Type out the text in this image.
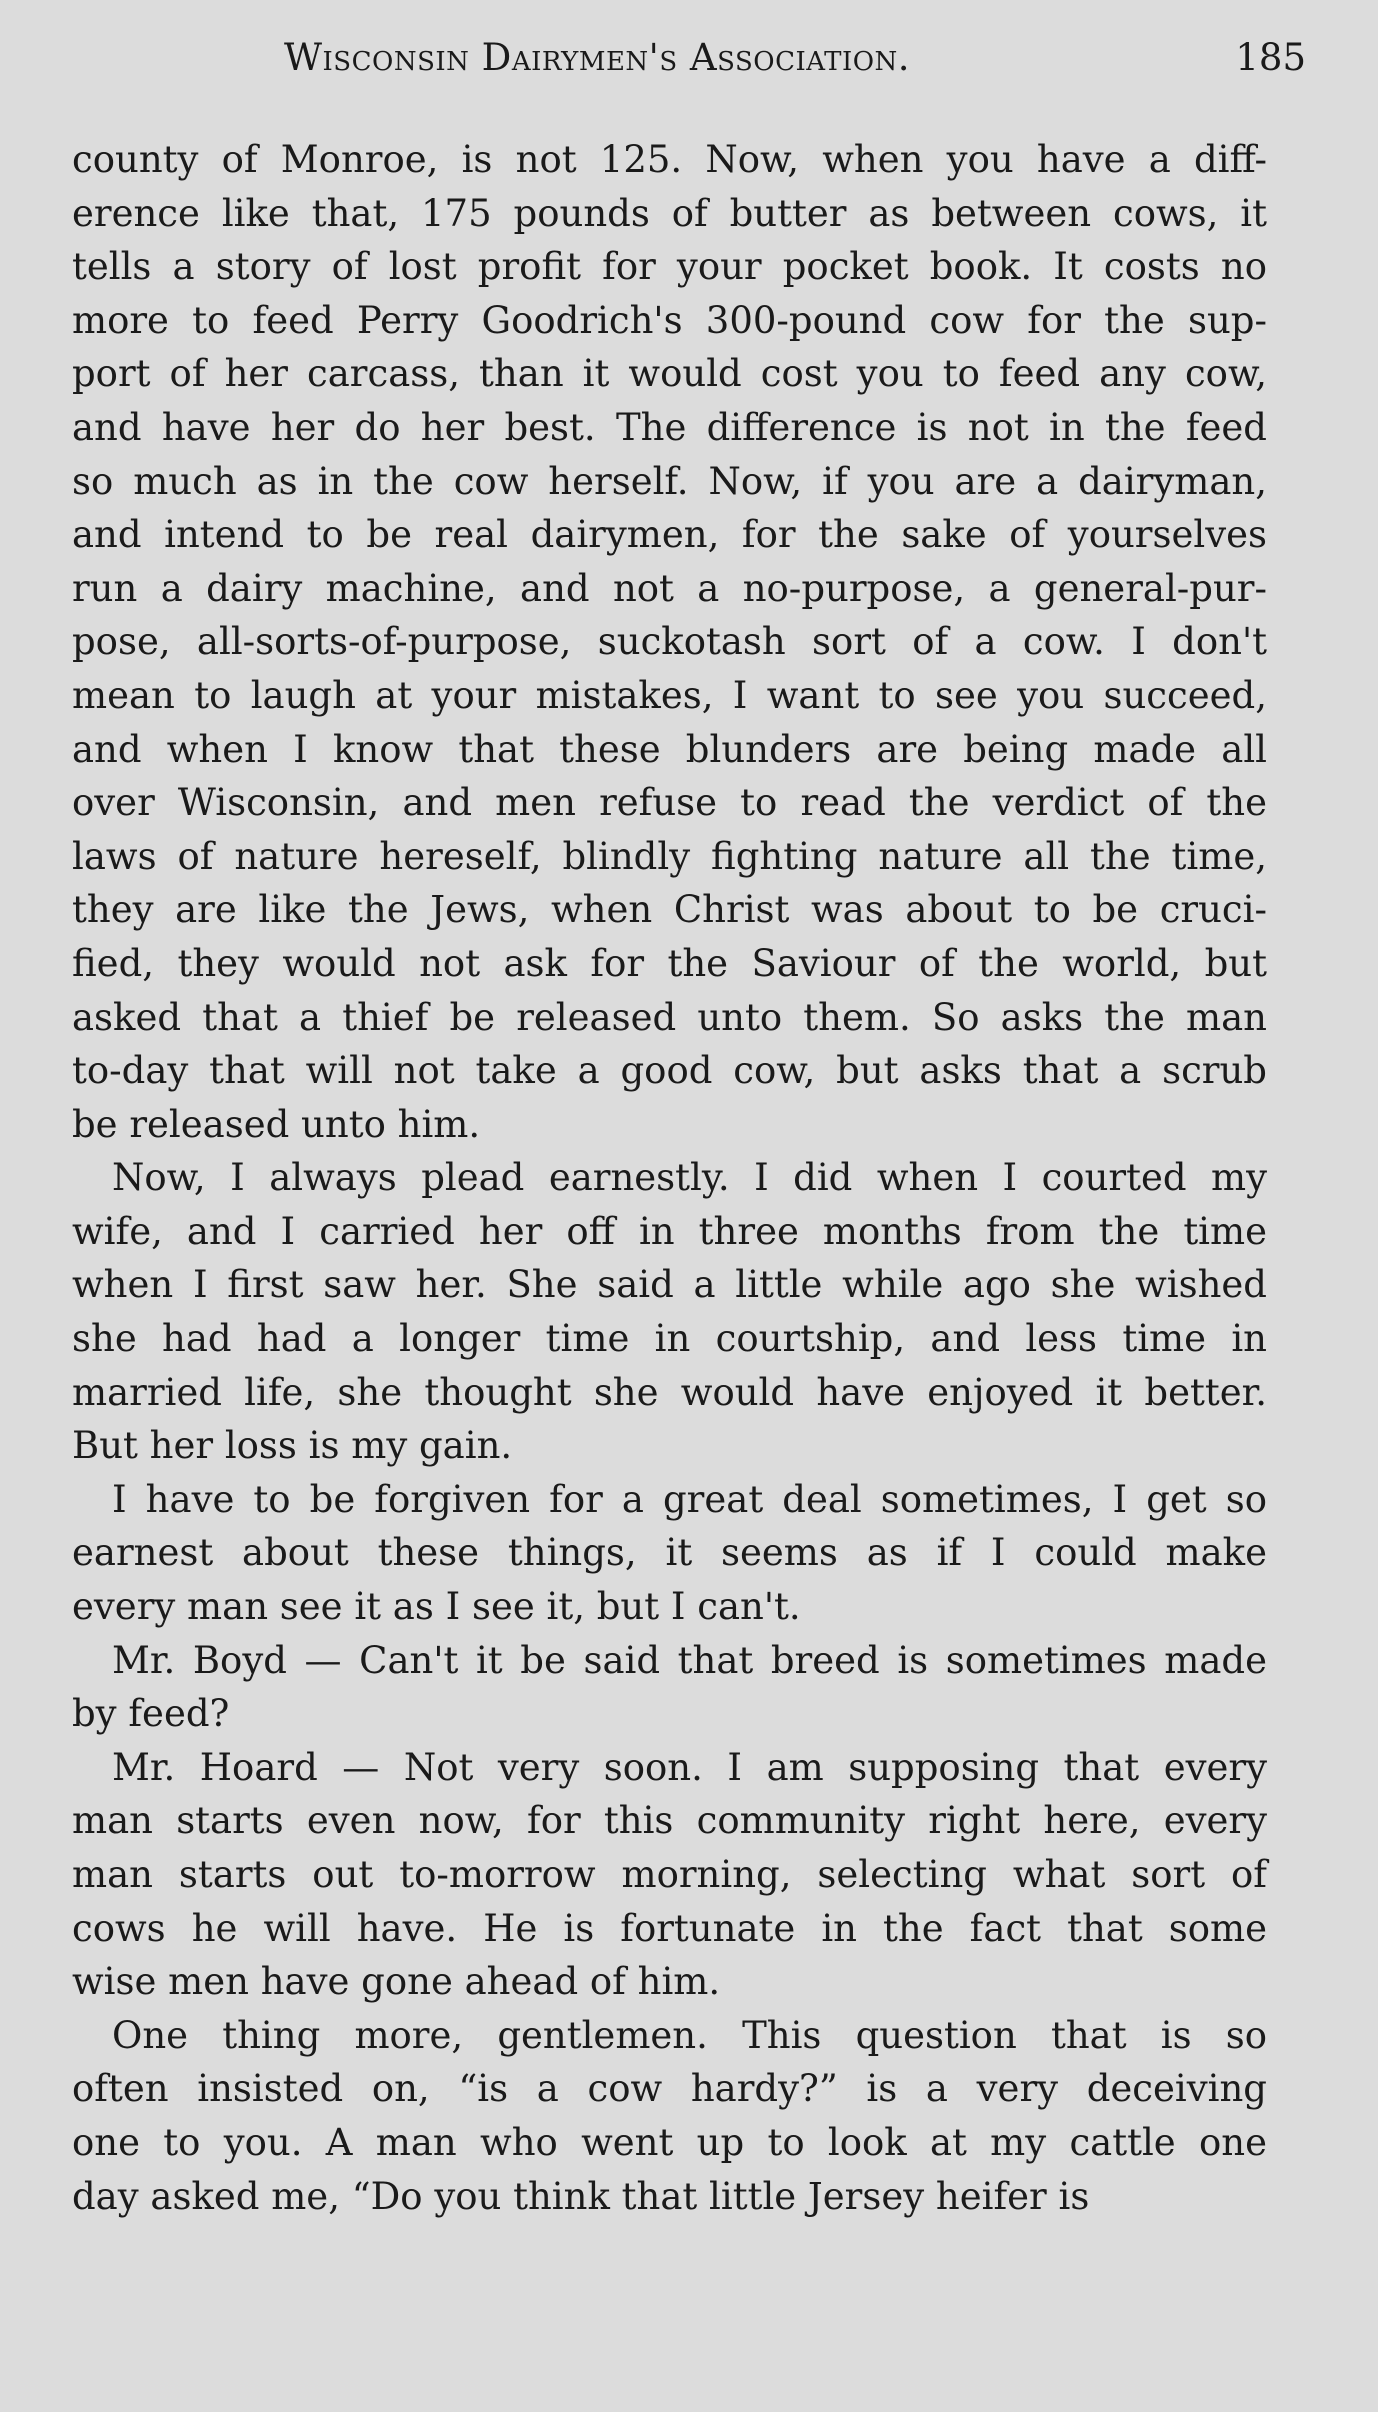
Wisconsin Dairymen's Association.	185
county of Monroe, is not 125. Now, when you have a diff-
erence like that, 175 pounds of butter as between cows, it
tells a story of lost profit for your pocket book. It costs no
more to feed Perry Goodrich's 300-pound cow for the sup-
port of her carcass, than it would cost you to feed any cow,
and have her do her best. The difference is not in the feed
so much as in the cow herself. Now, if you are a dairyman,
and intend to be real dairymen, for the sake of yourselves
run a dairy machine, and not a no-purpose, a general-pur-
pose, all-sorts-of-purpose, suckotash sort of a cow. I don't
mean to laugh at your mistakes, I want to see you succeed,
and when I know that these blunders are being made all
over Wisconsin, and men refuse to read the verdict of the
laws of nature hereself, blindly fighting nature all the time,
they are like the Jews, when Christ was about to be cruci-
fied, they would not ask for the Saviour of the world, but
asked that a thief be released unto them. So asks the man
to-day that will not take a good cow, but asks that a scrub
be released unto him.
Now, I always plead earnestly. I did when I courted my
wife, and I carried her off in three months from the time
when I first saw her. She said a little while ago she wished
she had had a longer time in courtship, and less time in
married life, she thought she would have enjoyed it better.
But her loss is my gain.
I have to be forgiven for a great deal sometimes, I get so
earnest about these things, it seems as if I could make
every man see it as I see it, but I can't.
Mr. Boyd — Can't it be said that breed is sometimes made
by feed?
Mr. Hoard — Not very soon. I am supposing that every
man starts even now, for this community right here, every
man starts out to-morrow morning, selecting what sort of
cows he will have. He is fortunate in the fact that some
wise men have gone ahead of him.
One thing more, gentlemen. This question that is so
often insisted on, “is a cow hardy?” is a very deceiving
one to you. A man who went up to look at my cattle one
day asked me, “Do you think that little Jersey heifer is
